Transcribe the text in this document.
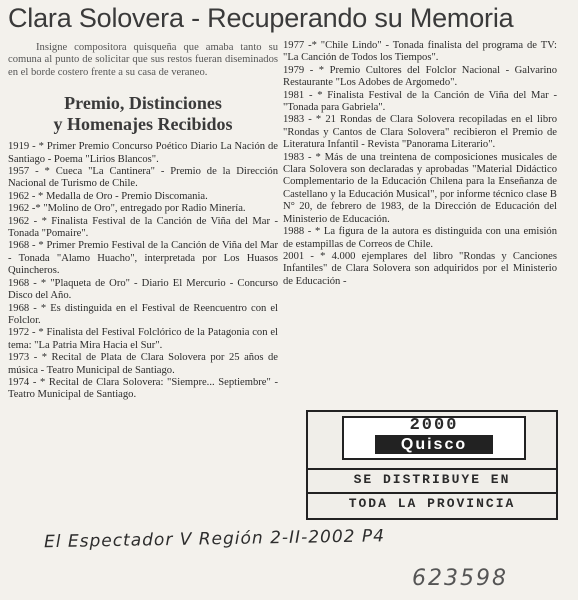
Clara Solovera - Recuperando su Memoria

Insigne compositora quisqueña que amaba tanto su comuna al punto de solicitar que sus restos fueran diseminados en el borde costero frente a su casa de veraneo.

Premio, Distinciones
y Homenajes Recibidos

1919 - * Primer Premio Concurso Poético Diario La Nación de Santiago - Poema "Lirios Blancos".

1957 - * Cueca "La Cantinera" - Premio de la Dirección Nacional de Turismo de Chile.

1962 - * Medalla de Oro - Premio Discomania.

1962 -* "Molino de Oro", entregado por Radio Minería.

1962 - * Finalista Festival de la Canción de Viña del Mar - Tonada "Pomaire".

1968 - * Primer Premio Festival de la Canción de Viña del Mar - Tonada "Alamo Huacho", interpretada por Los Huasos Quincheros.

1968 - * "Plaqueta de Oro" - Diario El Mercurio - Concurso Disco del Año.

1968 - * Es distinguida en el Festival de Reencuentro con el Folclor.

1972 - * Finalista del Festival Folclórico de la Patagonia con el tema: "La Patria Mira Hacia el Sur".

1973 - * Recital de Plata de Clara Solovera por 25 años de música - Teatro Municipal de Santiago.

1974 - * Recital de Clara Solovera: "Siempre... Septiembre" - Teatro Municipal de Santiago.

1977 -* "Chile Lindo" - Tonada finalista del programa de TV: "La Canción de Todos los Tiempos".

1979 - * Premio Cultores del Folclor Nacional - Galvarino Restaurante "Los Adobes de Argomedo".

1981 - * Finalista Festival de la Canción de Viña del Mar - "Tonada para Gabriela".

1983 - * 21 Rondas de Clara Solovera recopiladas en el libro "Rondas y Cantos de Clara Solovera" recibieron el Premio de Literatura Infantil - Revista "Panorama Literario".

1983 - * Más de una treintena de composiciones musicales de Clara Solovera son declaradas y aprobadas "Material Didáctico Complementario de la Educación Chilena para la Enseñanza de Castellano y la Educación Musical", por informe técnico clase B N° 20, de febrero de 1983, de la Dirección de Educación del Ministerio de Educación.

1988 - * La figura de la autora es distinguida con una emisión de estampillas de Correos de Chile.

2001 - * 4.000 ejemplares del libro "Rondas y Canciones Infantiles" de Clara Solovera son adquiridos por el Ministerio de Educación -

2000
Quisco
SE DISTRIBUYE EN
TODA LA PROVINCIA
El Espectador V Región 2-II-2002 P4
623598
